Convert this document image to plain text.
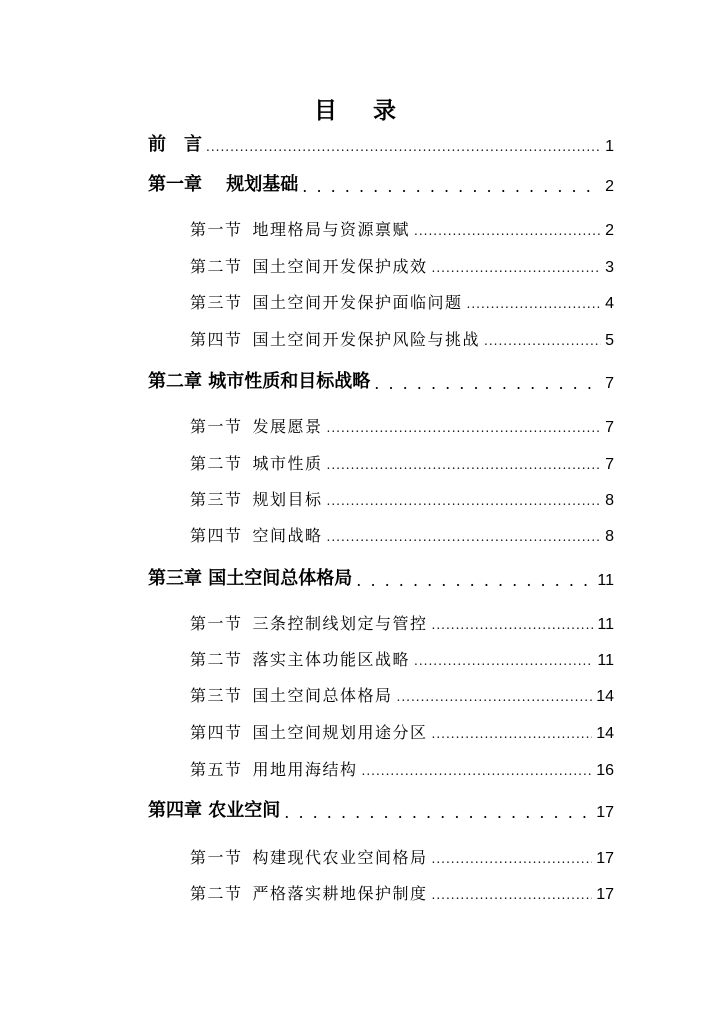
目 录
前　言 .....	1
第一章　 规划基础 . . .	2
第一节 地理格局与资源禀赋 .....	2
第二节 国土空间开发保护成效 .....	3
第三节 国土空间开发保护面临问题 .....	4
第四节 国土空间开发保护风险与挑战 .....	5
第二章 城市性质和目标战略 . . .	7
第一节 发展愿景 .....	7
第二节 城市性质 .....	7
第三节 规划目标 .....	8
第四节 空间战略 .....	8
第三章 国土空间总体格局 . . .	11
第一节 三条控制线划定与管控 .....	11
第二节 落实主体功能区战略 .....	11
第三节 国土空间总体格局 .....	14
第四节 国土空间规划用途分区 .....	14
第五节 用地用海结构 .....	16
第四章 农业空间 . . .	17
第一节 构建现代农业空间格局 .....	17
第二节 严格落实耕地保护制度 .....	17
